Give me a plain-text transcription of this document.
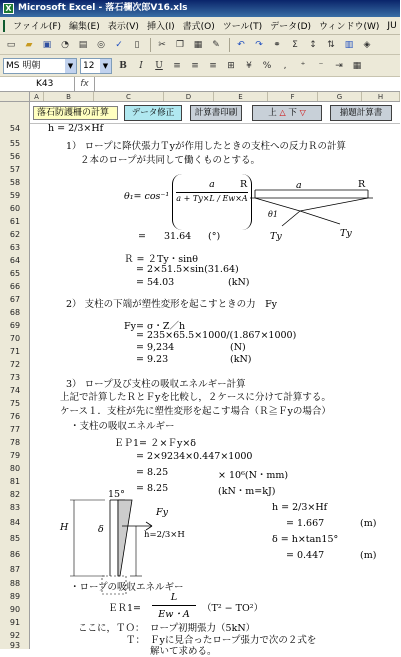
X Microsoft Excel - 落石欄次郎V16.xls
ファイル(F) 編集(E) 表示(V) 挿入(I) 書式(O) ツール(T) データ(D) ウィンドウ(W) JU
▭	▰	▣	◔	▤	◎	✓	▯	✂	❐	▦	✎	↶	↷	⚭	Σ	↕	⇅	▥	◈
MS 明朝	▼	12	▼	B	I	U	≡	≡	≡	⊞	¥	%	,	⁺	⁻	⇥	▦
K43	fx
A	B	C	D	E	F	G	H
落石防護柵の計算	データ修正	計算書印刷	上 △ 下 ▽	揃題計算書
54
55
56
57
58
59
60
61
62
63
64
65
66
67
68
69
70
71
72
73
74
75
76
77
78
79
80
81
82
83
84
85
86
87
88
89
90
91
92
93
h = 2/3×Hf
1） ロープに降伏張力Ｔyが作用したときの支柱への反力Ｒの計算
２本のロープが共同して働くものとする。
θ₁= cos⁻¹
a
a + Ty×L / Ew×A
R	R
a
θ1
Ty	Ty
= 31.64 (°)
Ｒ = ２Ty・sinθ
= 2×51.5×sin(31.64)
= 54.03	(kN)
2） 支柱の下端が塑性変形を起こすときの力　Fy
Fy= σ・Z／h
= 235×65.5×1000/(1.867×1000)
= 9,234	(N)
= 9.23	(kN)
3） ロープ及び支柱の吸収エネルギー計算
上記で計算したＲとＦyを比較し，２ケースに分けて計算する。
ケース１．支柱が先に塑性変形を起こす場合（Ｒ≧Ｆyの場合）
・支柱の吸収エネルギー
ＥＰ1= ２×Ｆy×δ
= 2×9234×0.447×1000
= 8.25	× 10⁶(N・mm)
= 8.25	(kN・m=kJ)
15°
Fy
H	δ	h=2/3×H
h = 2/3×Hf
= 1.667	(m)
δ = h×tan15°
= 0.447	(m)
・ロープの吸収エネルギー
ＥＲ1=
L
Ew・A
（T² − TO²）
ここに，ＴＯ： ロープ初期張力（5kN）
Ｔ： Ｆyに見合ったロープ張力で次の２式を
解いて求める。
